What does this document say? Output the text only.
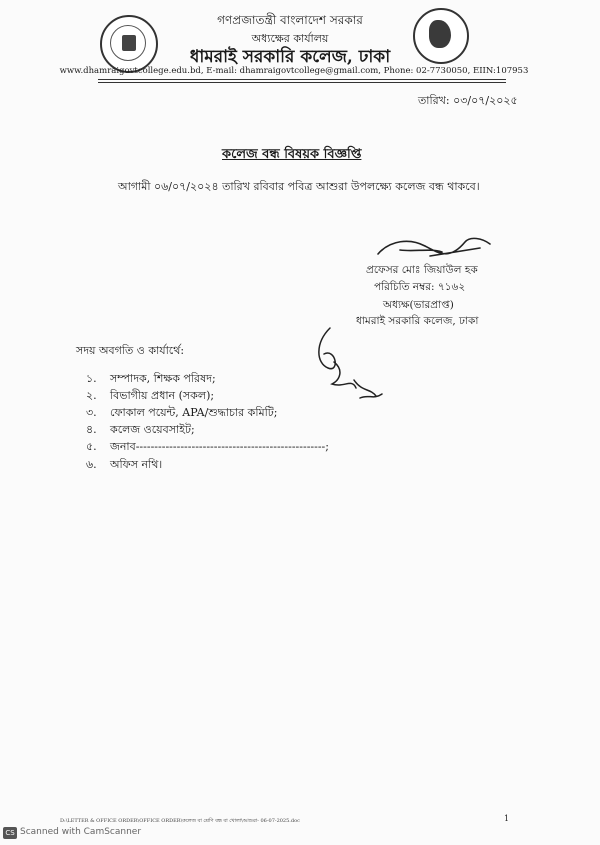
গণপ্রজাতন্ত্রী বাংলাদেশ সরকার
অধ্যক্ষের কার্যালয়
ধামরাই সরকারি কলেজ, ঢাকা
www.dhamraigovtcollege.edu.bd, E-mail: dhamraigovtcollege@gmail.com, Phone: 02-7730050, EIIN:107953
তারিখ: ০৩/০৭/২০২৫
কলেজ বন্ধ বিষয়ক বিজ্ঞপ্তি
আগামী ০৬/০৭/২০২৪ তারিখ রবিবার পবিত্র আশুরা উপলক্ষ্যে কলেজ বন্ধ থাকবে।
প্রফেসর মোঃ জিয়াউল হক
পরিচিতি নম্বর: ৭১৬২
অধ্যক্ষ(ভারপ্রাপ্ত)
ধামরাই সরকারি কলেজ, ঢাকা
সদয় অবগতি ও কার্যার্থে:
১. সম্পাদক, শিক্ষক পরিষদ;
২. বিভাগীয় প্রধান (সকল);
৩. ফোকাল পয়েন্ট, APA/শুদ্ধাচার কমিটি;
৪. কলেজ ওয়েবসাইট;
৫. জনাব---------------------------------------------------;
৬. অফিস নথি।
D:\LETTER & OFFICE ORDER\OFFICE ORDER\কলেজ বা শ্রেণি বন্ধ বা খোলা\আশুরা- 06-07-2025.doc	1
CS Scanned with CamScanner
